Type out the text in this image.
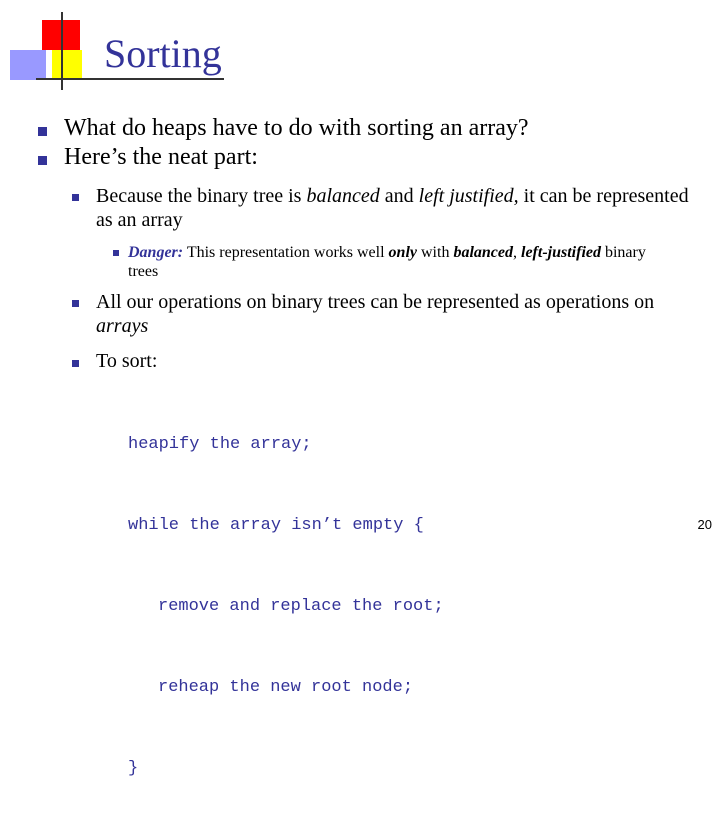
Sorting
What do heaps have to do with sorting an array?
Here’s the neat part:
Because the binary tree is balanced and left justified, it can be represented as an array
Danger: This representation works well only with balanced, left-justified binary trees
All our operations on binary trees can be represented as operations on arrays
To sort:

heapify the array;

while the array isn’t empty {

remove and replace the root;

reheap the new root node;

}

20
